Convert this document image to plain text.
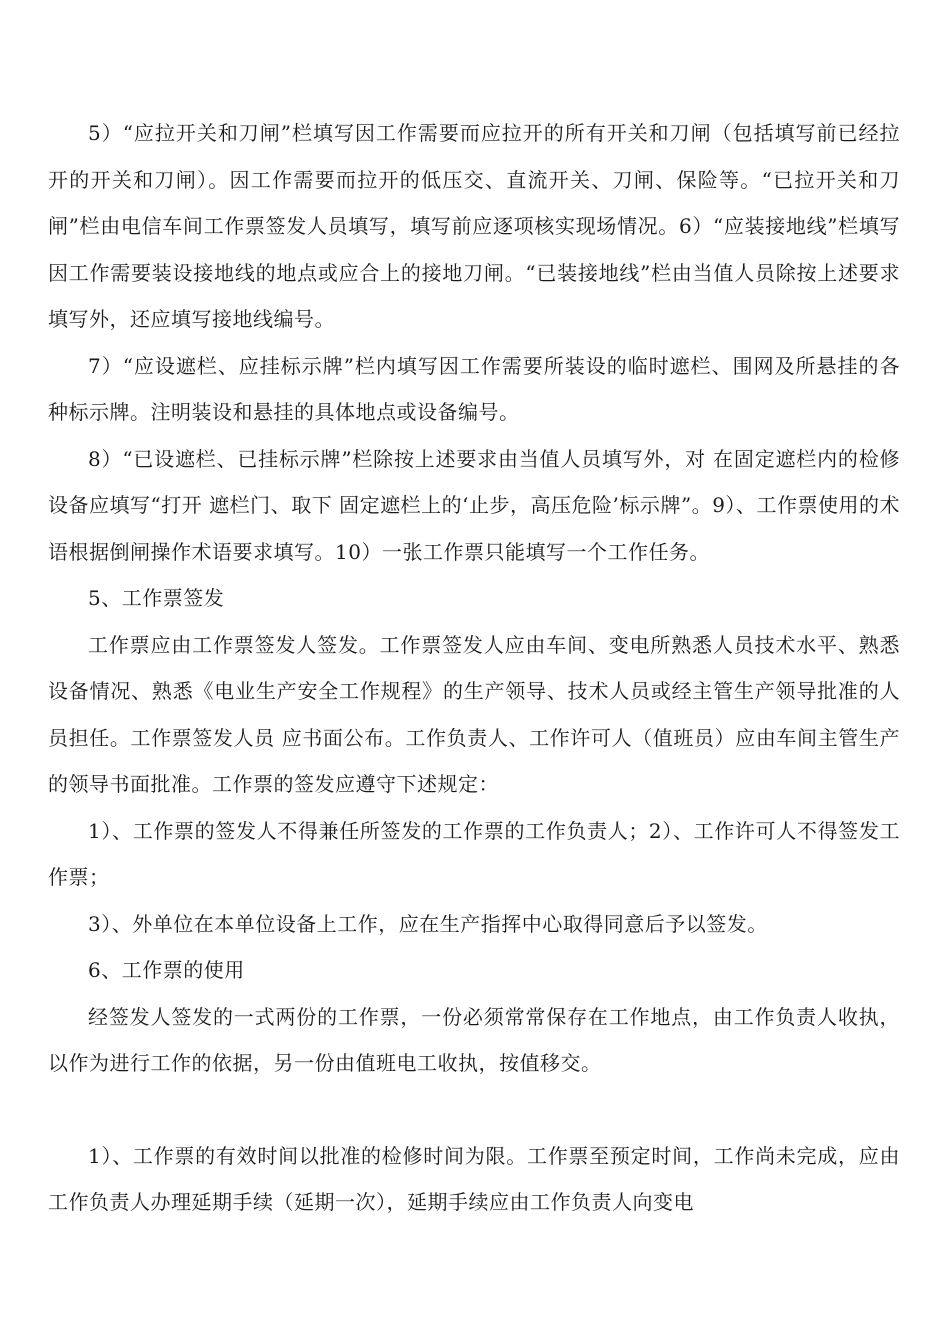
5）“应拉开关和刀闸”栏填写因工作需要而应拉开的所有开关和刀闸（包括填写前已经拉开的开关和刀闸）。因工作需要而拉开的低压交、直流开关、刀闸、保险等。“已拉开关和刀闸”栏由电信车间工作票签发人员填写，填写前应逐项核实现场情况。6）“应装接地线”栏填写因工作需要装设接地线的地点或应合上的接地刀闸。“已装接地线”栏由当值人员除按上述要求填写外，还应填写接地线编号。

7）“应设遮栏、应挂标示牌”栏内填写因工作需要所装设的临时遮栏、围网及所悬挂的各种标示牌。注明装设和悬挂的具体地点或设备编号。

8）“已设遮栏、已挂标示牌”栏除按上述要求由当值人员填写外，对 在固定遮栏内的检修设备应填写“打开 遮栏门、取下 固定遮栏上的‘止步，高压危险’标示牌”。9）、工作票使用的术语根据倒闸操作术语要求填写。10）一张工作票只能填写一个工作任务。

5、工作票签发

工作票应由工作票签发人签发。工作票签发人应由车间、变电所熟悉人员技术水平、熟悉设备情况、熟悉《电业生产安全工作规程》的生产领导、技术人员或经主管生产领导批准的人员担任。工作票签发人员 应书面公布。工作负责人、工作许可人（值班员）应由车间主管生产的领导书面批准。工作票的签发应遵守下述规定：

1）、工作票的签发人不得兼任所签发的工作票的工作负责人；2）、工作许可人不得签发工作票；

3）、外单位在本单位设备上工作，应在生产指挥中心取得同意后予以签发。

6、工作票的使用

经签发人签发的一式两份的工作票，一份必须常常保存在工作地点，由工作负责人收执，以作为进行工作的依据，另一份由值班电工收执，按值移交。

1）、工作票的有效时间以批准的检修时间为限。工作票至预定时间，工作尚未完成，应由工作负责人办理延期手续（延期一次），延期手续应由工作负责人向变电
